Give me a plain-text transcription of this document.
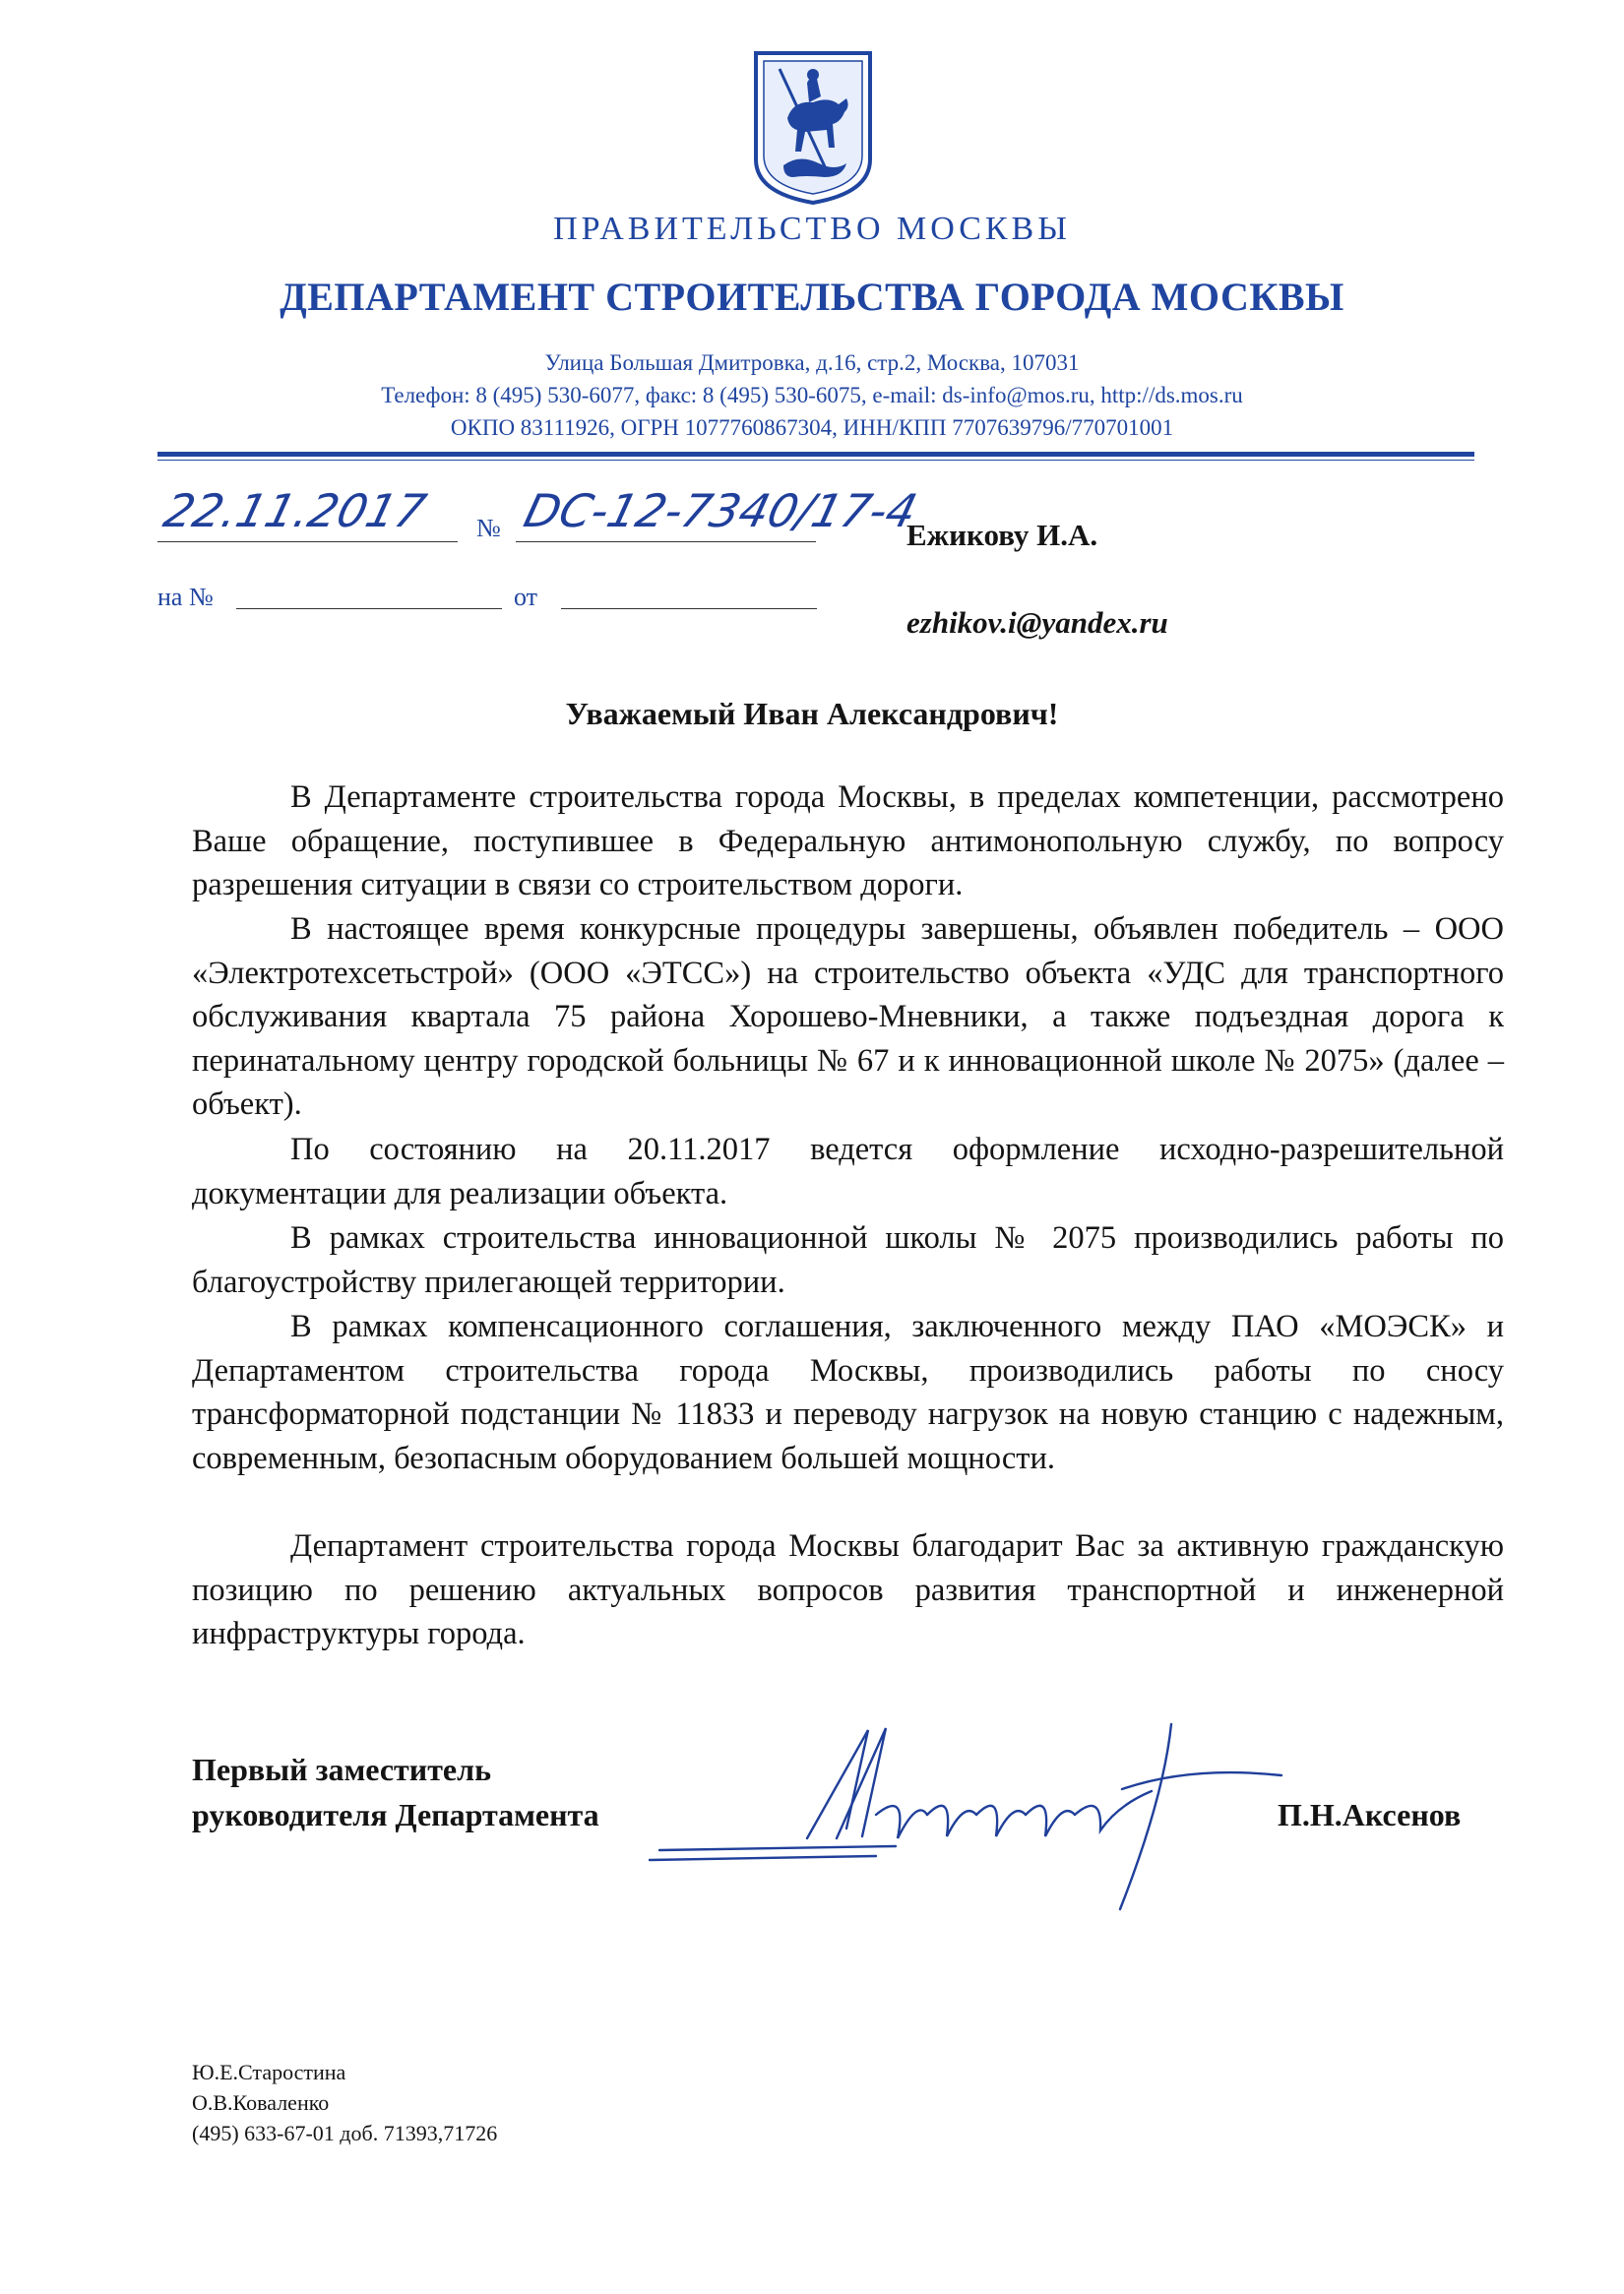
ПРАВИТЕЛЬСТВО МОСКВЫ
ДЕПАРТАМЕНТ СТРОИТЕЛЬСТВА ГОРОДА МОСКВЫ
Улица Большая Дмитровка, д.16, стр.2, Москва, 107031
Телефон: 8 (495) 530-6077, факс: 8 (495) 530-6075, e-mail: ds-info@mos.ru, http://ds.mos.ru
ОКПО 83111926, ОГРН 1077760867304, ИНН/КПП 7707639796/770701001
22.11.2017 № DC-12-7340/17-4
на №	от
Ежикову И.А.
ezhikov.i@yandex.ru
Уважаемый Иван Александрович!
В Департаменте строительства города Москвы, в пределах компетенции, рассмотрено Ваше обращение, поступившее в Федеральную антимонопольную службу, по вопросу разрешения ситуации в связи со строительством дороги.
В настоящее время конкурсные процедуры завершены, объявлен победитель – ООО «Электротехсетьстрой» (ООО «ЭТСС») на строительство объекта «УДС для транспортного обслуживания квартала 75 района Хорошево-Мневники, а также подъездная дорога к перинатальному центру городской больницы № 67 и к инновационной школе № 2075» (далее – объект).
По состоянию на 20.11.2017 ведется оформление исходно-разрешительной документации для реализации объекта.
В рамках строительства инновационной школы № 2075 производились работы по благоустройству прилегающей территории.
В рамках компенсационного соглашения, заключенного между ПАО «МОЭСК» и Департаментом строительства города Москвы, производились работы по сносу трансформаторной подстанции № 11833 и переводу нагрузок на новую станцию с надежным, современным, безопасным оборудованием большей мощности.
Департамент строительства города Москвы благодарит Вас за активную гражданскую позицию по решению актуальных вопросов развития транспортной и инженерной инфраструктуры города.
Первый заместитель
руководителя Департамента	П.Н.Аксенов
Ю.Е.Старостина
О.В.Коваленко
(495) 633-67-01 доб. 71393,71726
